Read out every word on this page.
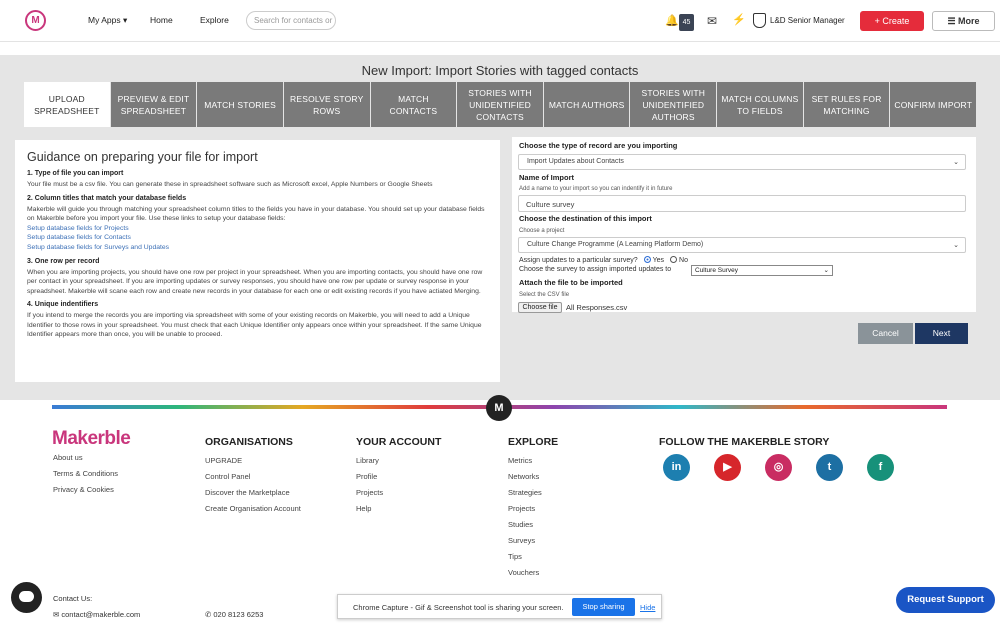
M	My Apps ▾	Home	Explore	Search for contacts or	🔔 45	✉ ⚡	L&D Senior Manager	+ Create	☰ More
New Import: Import Stories with tagged contacts
UPLOAD SPREADSHEET
PREVIEW & EDIT SPREADSHEET
MATCH STORIES
RESOLVE STORY ROWS
MATCH CONTACTS
STORIES WITH UNIDENTIFIED CONTACTS
MATCH AUTHORS
STORIES WITH UNIDENTIFIED AUTHORS
MATCH COLUMNS TO FIELDS
SET RULES FOR MATCHING
CONFIRM IMPORT
Guidance on preparing your file for import
1. Type of file you can import
Your file must be a csv file. You can generate these in spreadsheet software such as Microsoft excel, Apple Numbers or Google Sheets
2. Column titles that match your database fields
Makerble will guide you through matching your spreadsheet column titles to the fields you have in your database. You should set up your database fields on Makerble before you import your file. Use these links to setup your database fields:
Setup database fields for Projects
Setup database fields for Contacts
Setup database fields for Surveys and Updates
3. One row per record
When you are importing projects, you should have one row per project in your spreadsheet. When you are importing contacts, you should have one row per contact in your spreadsheet. If you are importing updates or survey responses, you should have one row per update or survey response in your spreadsheet. Makerble will scane each row and create new records in your database for each one or edit existing records if you have actiated Merging.
4. Unique indentifiers
If you intend to merge the records you are importing via spreadsheet with some of your existing records on Makerble, you will need to add a Unique Identifier to those rows in your spreadsheet. You must check that each Unique Identifier only appears once within your spreadsheet. If the same Unique Identifier appears more than once, you will be unable to proceed.
Choose the type of record are you importing
Import Updates about Contacts	⌄
Name of Import
Add a name to your import so you can indentify it in future
Culture survey
Choose the destination of this import
Choose a project
Culture Change Programme (A Learning Platform Demo)	⌄
Assign updates to a particular survey? Yes No
Choose the survey to assign imported updates to	Culture Survey	⌄
Attach the file to be imported
Select the CSV file
Choose file	All Responses.csv
Cancel	Next
M
Makerble
About us
Terms & Conditions
Privacy & Cookies
ORGANISATIONS
UPGRADE
Control Panel
Discover the Marketplace
Create Organisation Account
YOUR ACCOUNT
Library
Profile
Projects
Help
EXPLORE
Metrics
Networks
Strategies
Projects
Studies
Surveys
Tips
Vouchers
FOLLOW THE MAKERBLE STORY
in	▶	◎	t	f
Contact Us:
✉ contact@makerble.com	✆ 020 8123 6253
Chrome Capture - Gif & Screenshot tool is sharing your screen.	Stop sharing	Hide
Request Support
